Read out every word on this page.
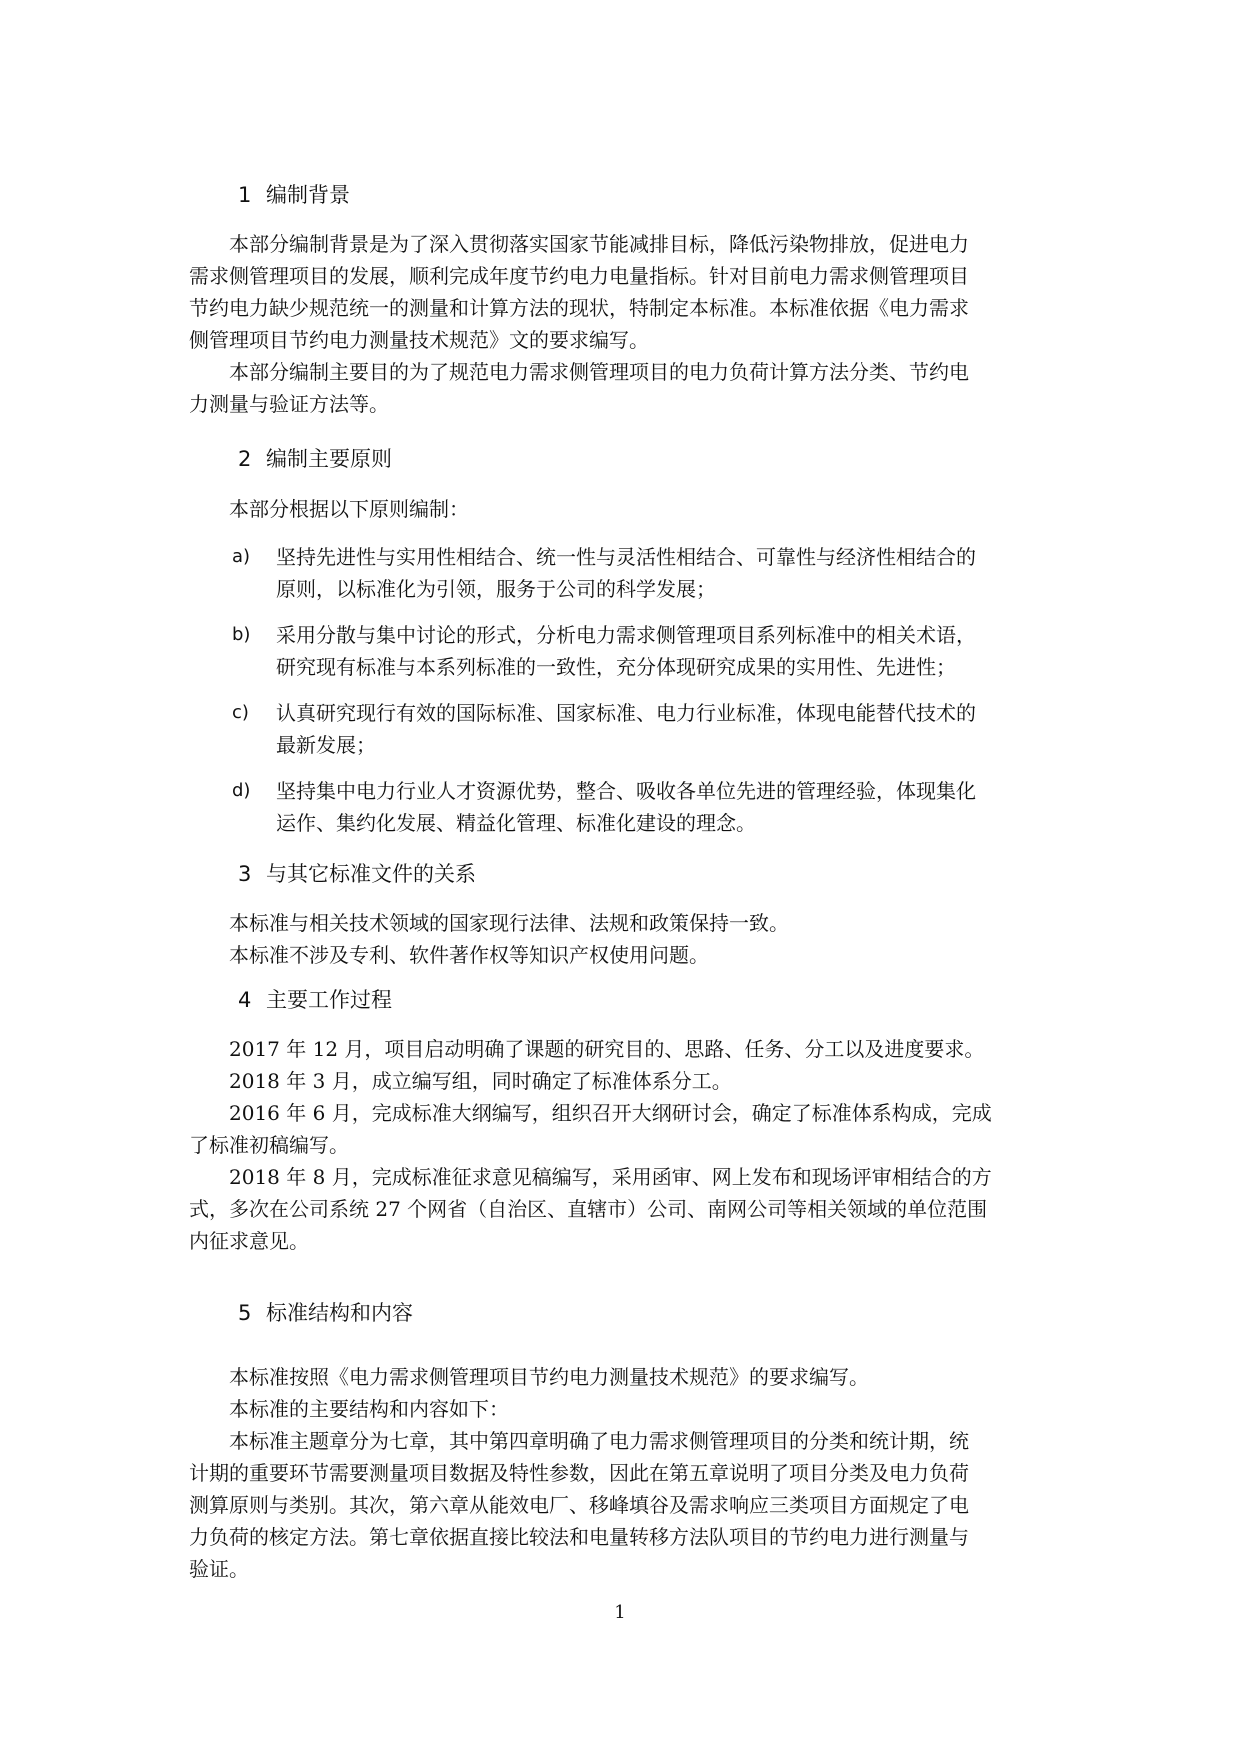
1 编制背景
　　本部分编制背景是为了深入贯彻落实国家节能减排目标，降低污染物排放，促进电力
需求侧管理项目的发展，顺利完成年度节约电力电量指标。针对目前电力需求侧管理项目
节约电力缺少规范统一的测量和计算方法的现状，特制定本标准。本标准依据《电力需求
侧管理项目节约电力测量技术规范》文的要求编写。
　　本部分编制主要目的为了规范电力需求侧管理项目的电力负荷计算方法分类、节约电
力测量与验证方法等。
2 编制主要原则
　　本部分根据以下原则编制：
a)	坚持先进性与实用性相结合、统一性与灵活性相结合、可靠性与经济性相结合的
原则，以标准化为引领，服务于公司的科学发展；
b)	采用分散与集中讨论的形式，分析电力需求侧管理项目系列标准中的相关术语，
研究现有标准与本系列标准的一致性，充分体现研究成果的实用性、先进性；
c)	认真研究现行有效的国际标准、国家标准、电力行业标准，体现电能替代技术的
最新发展；
d)	坚持集中电力行业人才资源优势，整合、吸收各单位先进的管理经验，体现集化
运作、集约化发展、精益化管理、标准化建设的理念。
3 与其它标准文件的关系
　　本标准与相关技术领域的国家现行法律、法规和政策保持一致。
　　本标准不涉及专利、软件著作权等知识产权使用问题。
4 主要工作过程
　　2017 年 12 月，项目启动明确了课题的研究目的、思路、任务、分工以及进度要求。
　　2018 年 3 月，成立编写组，同时确定了标准体系分工。
　　2016 年 6 月，完成标准大纲编写，组织召开大纲研讨会，确定了标准体系构成，完成
了标准初稿编写。
　　2018 年 8 月，完成标准征求意见稿编写，采用函审、网上发布和现场评审相结合的方
式，多次在公司系统 27 个网省（自治区、直辖市）公司、南网公司等相关领域的单位范围
内征求意见。
5 标准结构和内容
　　本标准按照《电力需求侧管理项目节约电力测量技术规范》的要求编写。
　　本标准的主要结构和内容如下：
　　本标准主题章分为七章，其中第四章明确了电力需求侧管理项目的分类和统计期，统
计期的重要环节需要测量项目数据及特性参数，因此在第五章说明了项目分类及电力负荷
测算原则与类别。其次，第六章从能效电厂、移峰填谷及需求响应三类项目方面规定了电
力负荷的核定方法。第七章依据直接比较法和电量转移方法队项目的节约电力进行测量与
验证。
1
